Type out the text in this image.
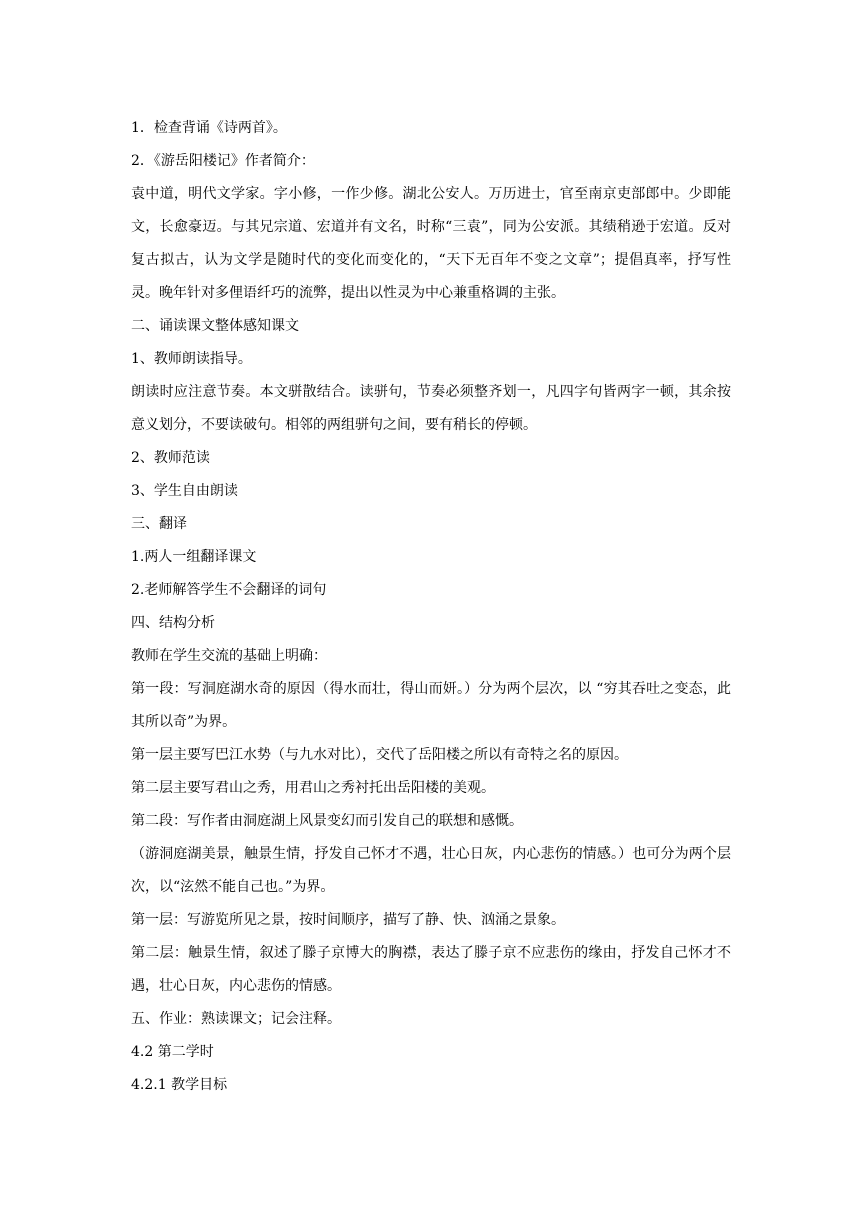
1．检查背诵《诗两首》。

2．《游岳阳楼记》作者简介：

袁中道，明代文学家。字小修，一作少修。湖北公安人。万历进士，官至南京吏部郎中。少即能文，长愈豪迈。与其兄宗道、宏道并有文名，时称“三袁”，同为公安派。其绩稍逊于宏道。反对复古拟古，认为文学是随时代的变化而变化的，“天下无百年不变之文章”；提倡真率，抒写性灵。晚年针对多俚语纤巧的流弊，提出以性灵为中心兼重格调的主张。

二、诵读课文整体感知课文

1、教师朗读指导。

朗读时应注意节奏。本文骈散结合。读骈句，节奏必须整齐划一，凡四字句皆两字一顿，其余按意义划分，不要读破句。相邻的两组骈句之间，要有稍长的停顿。

2、教师范读

3、学生自由朗读

三、翻译

1.两人一组翻译课文

2.老师解答学生不会翻译的词句

四、结构分析

教师在学生交流的基础上明确：

第一段：写洞庭湖水奇的原因（得水而壮，得山而妍。）分为两个层次，以 “穷其吞吐之变态，此其所以奇”为界。

第一层主要写巴江水势（与九水对比），交代了岳阳楼之所以有奇特之名的原因。

第二层主要写君山之秀，用君山之秀衬托出岳阳楼的美观。

第二段：写作者由洞庭湖上风景变幻而引发自己的联想和感慨。

（游洞庭湖美景，触景生情，抒发自己怀才不遇，壮心日灰，内心悲伤的情感。）也可分为两个层次，以“泫然不能自己也。”为界。

第一层：写游览所见之景，按时间顺序，描写了静、快、汹涌之景象。

第二层：触景生情，叙述了滕子京博大的胸襟，表达了滕子京不应悲伤的缘由，抒发自己怀才不遇，壮心日灰，内心悲伤的情感。

五、作业：熟读课文；记会注释。

4.2 第二学时

4.2.1 教学目标
